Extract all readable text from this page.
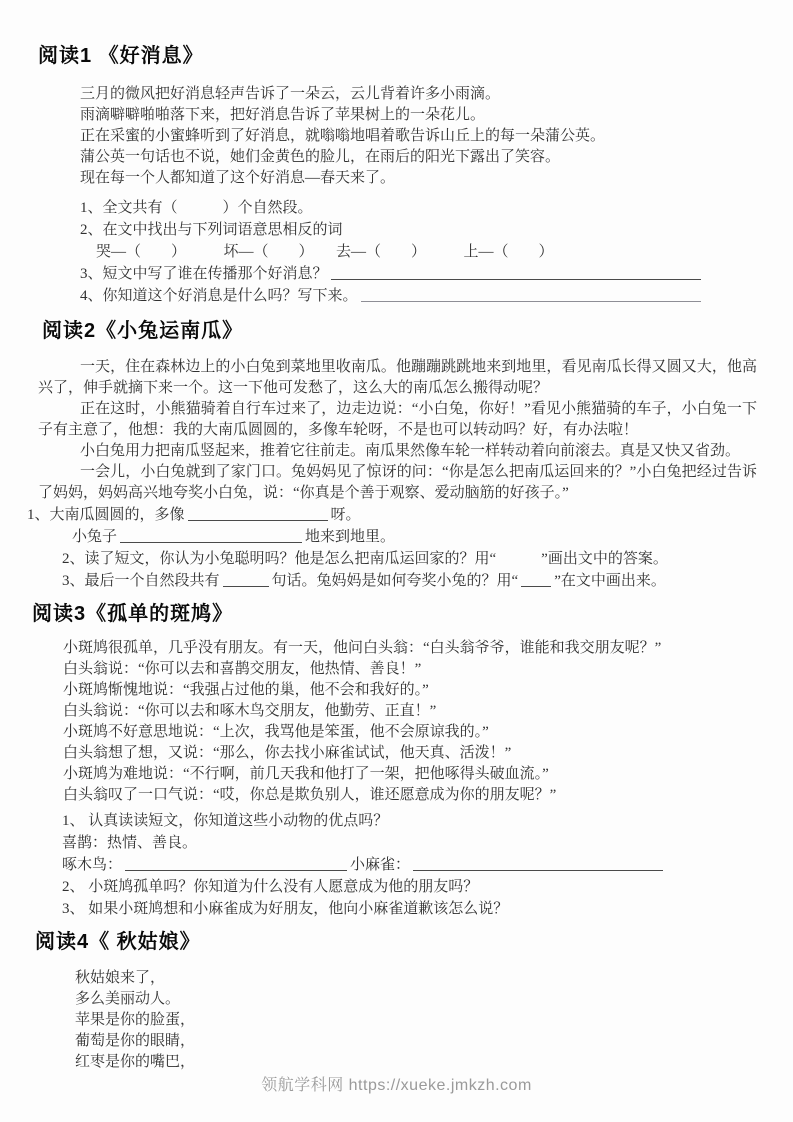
阅读1 《好消息》

三月的微风把好消息轻声告诉了一朵云，云儿背着许多小雨滴。

雨滴噼噼啪啪落下来，把好消息告诉了苹果树上的一朵花儿。

正在采蜜的小蜜蜂听到了好消息，就嗡嗡地唱着歌告诉山丘上的每一朵蒲公英。

蒲公英一句话也不说，她们金黄色的脸儿，在雨后的阳光下露出了笑容。

现在每一个人都知道了这个好消息—春天来了。

1、全文共有（　　　）个自然段。

2、在文中找出与下列词语意思相反的词

哭—（　　）　　　坏—（　　）　　去—（　　）　　　上—（　　）

3、短文中写了谁在传播那个好消息？

4、你知道这个好消息是什么吗？写下来。

阅读2《小兔运南瓜》

一天，住在森林边上的小白兔到菜地里收南瓜。他蹦蹦跳跳地来到地里，看见南瓜长得又圆又大，他高兴了，伸手就摘下来一个。这一下他可发愁了，这么大的南瓜怎么搬得动呢？

正在这时，小熊猫骑着自行车过来了，边走边说：“小白兔，你好！”看见小熊猫骑的车子，小白兔一下子有主意了，他想：我的大南瓜圆圆的，多像车轮呀，不是也可以转动吗？好，有办法啦！

小白兔用力把南瓜竖起来，推着它往前走。南瓜果然像车轮一样转动着向前滚去。真是又快又省劲。

一会儿，小白兔就到了家门口。兔妈妈见了惊讶的问：“你是怎么把南瓜运回来的？”小白兔把经过告诉了妈妈，妈妈高兴地夸奖小白兔，说：“你真是个善于观察、爱动脑筋的好孩子。”

1、大南瓜圆圆的，多像	呀。

小兔子	地来到地里。

2、读了短文，你认为小兔聪明吗？他是怎么把南瓜运回家的？用“　　　”画出文中的答案。

3、最后一个自然段共有	句话。兔妈妈是如何夸奖小兔的？用“ ”在文中画出来。

阅读3《孤单的斑鸠》

小斑鸠很孤单，几乎没有朋友。有一天，他问白头翁：“白头翁爷爷，谁能和我交朋友呢？”

白头翁说：“你可以去和喜鹊交朋友，他热情、善良！”

小斑鸠惭愧地说：“我强占过他的巢，他不会和我好的。”

白头翁说：“你可以去和啄木鸟交朋友，他勤劳、正直！”

小斑鸠不好意思地说：“上次，我骂他是笨蛋，他不会原谅我的。”

白头翁想了想，又说：“那么，你去找小麻雀试试，他天真、活泼！”

小斑鸠为难地说：“不行啊，前几天我和他打了一架，把他啄得头破血流。”

白头翁叹了一口气说：“哎，你总是欺负别人，谁还愿意成为你的朋友呢？”

1、 认真读读短文，你知道这些小动物的优点吗？

喜鹊：热情、善良。

啄木鸟：	小麻雀：

2、 小斑鸠孤单吗？你知道为什么没有人愿意成为他的朋友吗？

3、 如果小斑鸠想和小麻雀成为好朋友，他向小麻雀道歉该怎么说？

阅读4《 秋姑娘》

秋姑娘来了，

多么美丽动人。

苹果是你的脸蛋，

葡萄是你的眼睛，

红枣是你的嘴巴，

领航学科网 https://xueke.jmkzh.com
